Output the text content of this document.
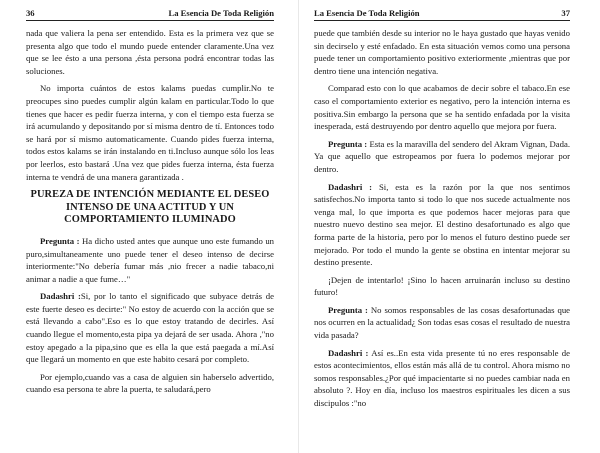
36	La Esencia De Toda Religión

nada que valiera la pena ser entendido. Esta es la primera vez que se presenta algo que todo el mundo puede entender claramente.Una vez que se lee ésto a una persona ,ésta persona podrá encontrar todas las soluciones.

No importa cuántos de estos kalams puedas cumplir.No te preocupes sino puedes cumplir algún kalam en particular.Todo lo que tienes que hacer es pedir fuerza interna, y con el tiempo esta fuerza se irá acumulando y depositando por sí misma dentro de tí. Entonces todo se hará por sí mismo automaticamente. Cuando pides fuerza interna, todos estos kalams se irán instalando en ti.Incluso aunque sólo los leas por leerlos, esto bastará .Una vez que pides fuerza interna, ésta fuerza interna te vendrá de una manera garantizada .

PUREZA DE INTENCIÓN MEDIANTE EL DESEO INTENSO DE UNA ACTITUD Y UN COMPORTAMIENTO ILUMINADO

Pregunta : Ha dicho usted antes que aunque uno este fumando un puro,simultaneamente uno puede tener el deseo intenso de decirse interiormente:"No debería fumar más ,nio frecer a nadie tabaco,ni animar a nadie a que fume…"

Dadashri :Si, por lo tanto el significado que subyace detrás de este fuerte deseo es decirte:" No estoy de acuerdo con la acción que se está llevando a cabo".Eso es lo que estoy tratando de decirles. Así cuando llegue el momento,esta pipa ya dejará de ser usada. Ahora ,"no estoy apegado a la pipa,sino que es ella la que está paegada a mí.Así que llegará un momento en que este habito cesará por completo.

Por ejemplo,cuando vas a casa de alguien sin haberselo advertido, cuando esa persona te abre la puerta, te saludará,pero

La Esencia De Toda Religión	37

puede que también desde su interior no le haya gustado que hayas venido sin decirselo y esté enfadado. En esta situación vemos como una persona puede tener un comportamiento positivo exteriormente ,mientras que por dentro tiene una intención negativa.

Comparad esto con lo que acabamos de decir sobre el tabaco.En ese caso el comportamiento exterior es negativo, pero la intención interna es positiva.Sin embargo la persona que se ha sentido enfadada por la visita inesperada, está destruyendo por dentro aquello que mejora por fuera.

Pregunta : Esta es la maravilla del sendero del Akram Vignan, Dada. Ya que aquello que estropeamos por fuera lo podemos mejorar por dentro.

Dadashri : Si, esta es la razón por la que nos sentimos satisfechos.No importa tanto si todo lo que nos sucede actualmente nos venga mal, lo que importa es que podemos hacer mejoras para que nuestro nuevo destino sea mejor. El destino desafortunado es algo que forma parte de la historia, pero por lo menos el futuro destino puede ser mejorado. Por todo el mundo la gente se obstina en intentar mejorar su destino presente.

¡Dejen de intentarlo! ¡Sino lo hacen arruinarán incluso su destino futuro!

Pregunta : No somos responsables de las cosas desafortunadas que nos ocurren en la actualidad¿ Son todas esas cosas el resultado de nuestra vida pasada?

Dadashri : Así es..En esta vida presente tú no eres responsable de estos acontecimientos, ellos están más allá de tu control. Ahora mismo no somos responsables.¿Por qué impacientarte si no puedes cambiar nada en absoluto ?. Hoy en día, incluso los maestros espirituales les dicen a sus discipulos :"no
